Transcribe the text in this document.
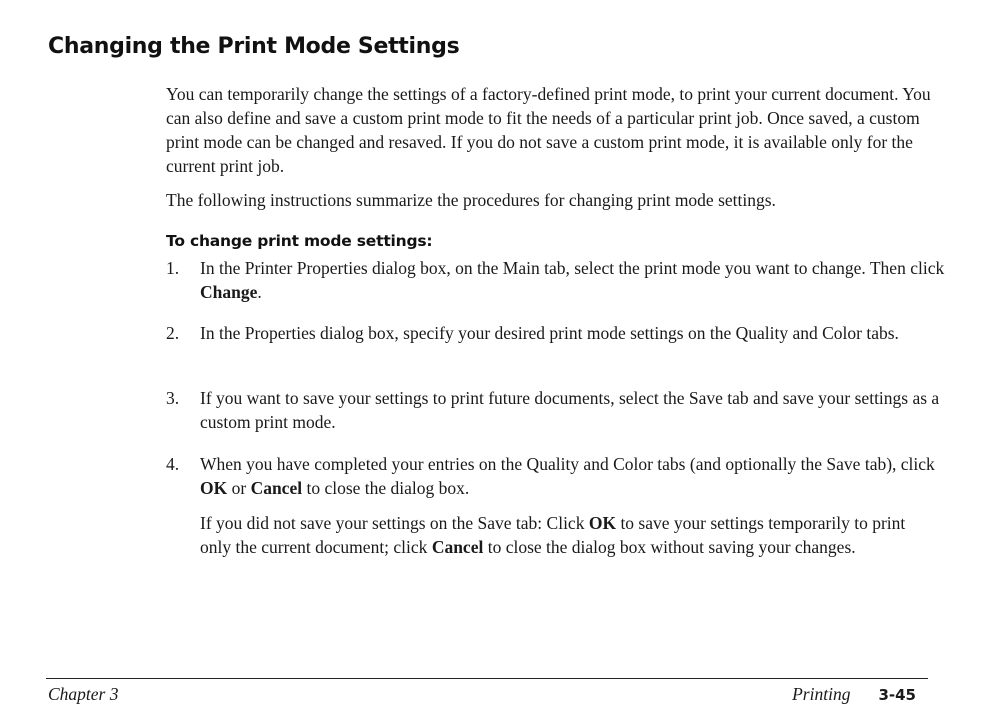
Changing the Print Mode Settings

You can temporarily change the settings of a factory-defined print mode, to print your current document. You can also define and save a custom print mode to fit the needs of a particular print job. Once saved, a custom print mode can be changed and resaved. If you do not save a custom print mode, it is available only for the current print job.

The following instructions summarize the procedures for changing print mode settings.

To change print mode settings:
1.	In the Printer Properties dialog box, on the Main tab, select the print mode you want to change. Then click Change.
2.	In the Properties dialog box, specify your desired print mode settings on the Quality and Color tabs.
3.	If you want to save your settings to print future documents, select the Save tab and save your settings as a custom print mode.
4.	When you have completed your entries on the Quality and Color tabs (and optionally the Save tab), click OK or Cancel to close the dialog box.

If you did not save your settings on the Save tab: Click OK to save your settings temporarily to print only the current document; click Cancel to close the dialog box without saving your changes.

Chapter 3	Printing 3-45
